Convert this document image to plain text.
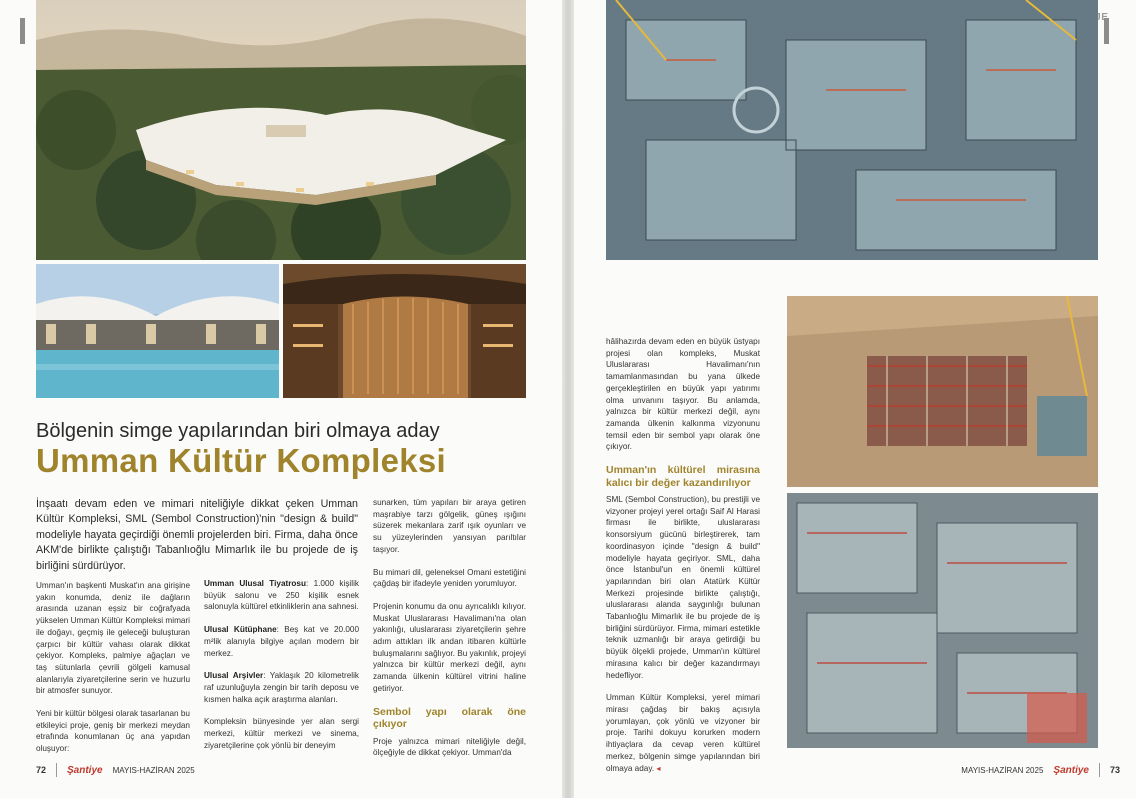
Bölgenin simge yapılarından biri olmaya aday
Umman Kültür Kompleksi
İnşaatı devam eden ve mimari niteliğiyle dikkat çeken Umman Kültür Kompleksi, SML (Sembol Construction)'nin "design & build" modeliyle hayata geçirdiği önemli projelerden biri. Firma, daha önce AKM'de birlikte çalıştığı Tabanlıoğlu Mimarlık ile bu projede de iş birliğini sürdürüyor.

Umman'ın başkenti Muskat'ın ana girişine yakın konumda, deniz ile dağların arasında uzanan eşsiz bir coğrafyada yükselen Umman Kültür Kompleksi mimari ile doğayı, geçmiş ile geleceği buluşturan çarpıcı bir kültür vahası olarak dikkat çekiyor. Kompleks, palmiye ağaçları ve taş sütunlarla çevrili gölgeli kamusal alanlarıyla ziyaretçilerine serin ve huzurlu bir atmosfer sunuyor.

Yeni bir kültür bölgesi olarak tasarlanan bu etkileyici proje, geniş bir merkezi meydan etrafında konumlanan üç ana yapıdan oluşuyor:

Umman Ulusal Tiyatrosu: 1.000 kişilik büyük salonu ve 250 kişilik esnek salonuyla kültürel etkinliklerin ana sahnesi.

Ulusal Kütüphane: Beş kat ve 20.000 m²lik alanıyla bilgiye açılan modern bir merkez.

Ulusal Arşivler: Yaklaşık 20 kilometrelik raf uzunluğuyla zengin bir tarih deposu ve kısmen halka açık araştırma alanları.

Kompleksin bünyesinde yer alan sergi merkezi, kültür merkezi ve sinema, ziyaretçilerine çok yönlü bir deneyim

sunarken, tüm yapıları bir araya getiren maşrabiye tarzı gölgelik, güneş ışığını süzerek mekanlara zarif ışık oyunları ve su yüzeylerinden yansıyan parıltılar taşıyor.

Bu mimari dil, geleneksel Omani estetiğini çağdaş bir ifadeyle yeniden yorumluyor.

Projenin konumu da onu ayrıcalıklı kılıyor. Muskat Uluslararası Havalimanı'na olan yakınlığı, uluslararası ziyaretçilerin şehre adım attıkları ilk andan itibaren kültürle buluşmalarını sağlıyor. Bu yakınlık, projeyi yalnızca bir kültür merkezi değil, aynı zamanda ülkenin kültürel vitrini haline getiriyor.

Sembol yapı olarak öne çıkıyor

Proje yalnızca mimari niteliğiyle değil, ölçeğiyle de dikkat çekiyor. Umman'da

72 Şantiye MAYIS-HAZİRAN 2025

hâlihazırda devam eden en büyük üstyapı projesi olan kompleks, Muskat Uluslararası Havalimanı'nın tamamlanmasından bu yana ülkede gerçekleştirilen en büyük yapı yatırımı olma unvanını taşıyor. Bu anlamda, yalnızca bir kültür merkezi değil, aynı zamanda ülkenin kalkınma vizyonunu temsil eden bir sembol yapı olarak öne çıkıyor.

Umman'ın kültürel mirasına kalıcı bir değer kazandırılıyor

SML (Sembol Construction), bu prestijli ve vizyoner projeyi yerel ortağı Saif Al Harasi firması ile birlikte, uluslararası konsorsiyum gücünü birleştirerek, tam koordinasyon içinde "design & build" modeliyle hayata geçiriyor. SML, daha önce İstanbul'un en önemli kültürel yapılarından biri olan Atatürk Kültür Merkezi projesinde birlikte çalıştığı, uluslararası alanda saygınlığı bulunan Tabanlıoğlu Mimarlık ile bu projede de iş birliğini sürdürüyor. Firma, mimari estetikle teknik uzmanlığı bir araya getirdiği bu büyük ölçekli projede, Umman'ın kültürel mirasına kalıcı bir değer kazandırmayı hedefliyor.

Umman Kültür Kompleksi, yerel mimari mirası çağdaş bir bakış açısıyla yorumlayan, çok yönlü ve vizyoner bir proje. Tarihi dokuyu korurken modern ihtiyaçlara da cevap veren kültürel merkez, bölgenin simge yapılarından biri olmaya aday. ◂	MAYIS-HAZİRAN 2025 Şantiye 73
